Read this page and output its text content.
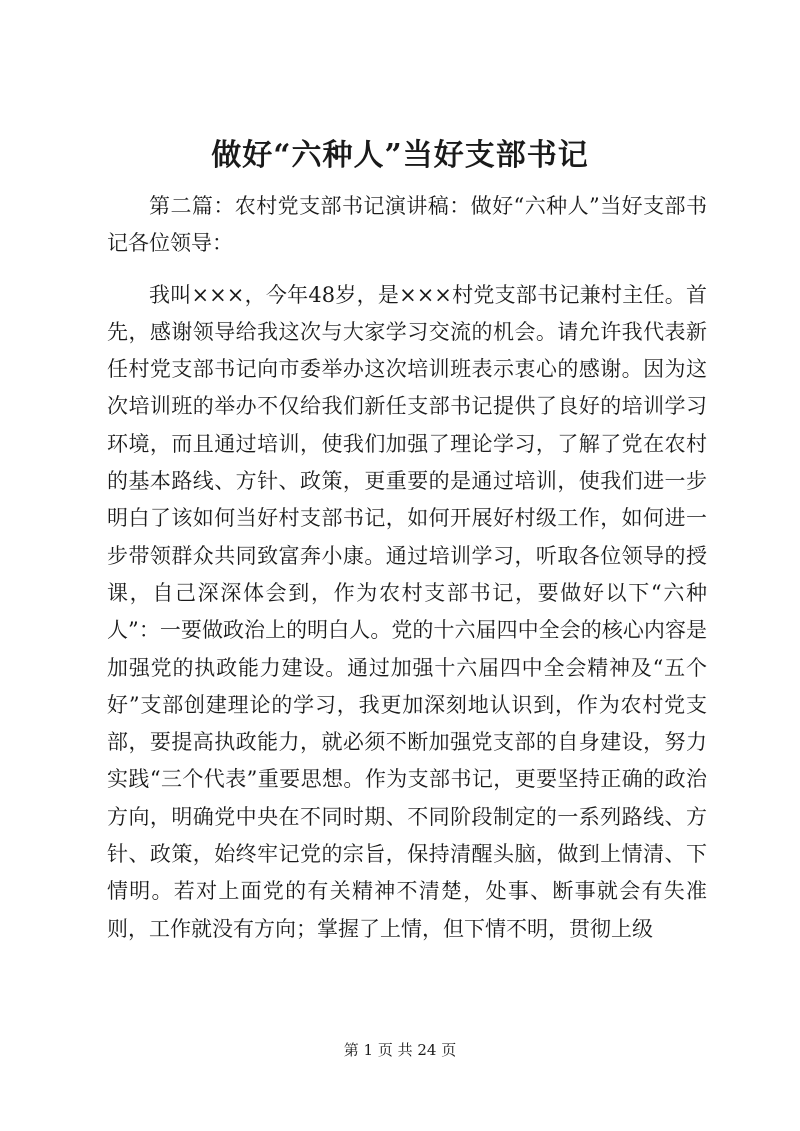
做好“六种人”当好支部书记

第二篇：农村党支部书记演讲稿：做好“六种人”当好支部书记各位领导：

我叫×××，今年48岁，是×××村党支部书记兼村主任。首先，感谢领导给我这次与大家学习交流的机会。请允许我代表新任村党支部书记向市委举办这次培训班表示衷心的感谢。因为这次培训班的举办不仅给我们新任支部书记提供了良好的培训学习环境，而且通过培训，使我们加强了理论学习，了解了党在农村的基本路线、方针、政策，更重要的是通过培训，使我们进一步明白了该如何当好村支部书记，如何开展好村级工作，如何进一步带领群众共同致富奔小康。通过培训学习，听取各位领导的授课，自己深深体会到，作为农村支部书记，要做好以下“六种人”：一要做政治上的明白人。党的十六届四中全会的核心内容是加强党的执政能力建设。通过加强十六届四中全会精神及“五个好”支部创建理论的学习，我更加深刻地认识到，作为农村党支部，要提高执政能力，就必须不断加强党支部的自身建设，努力实践“三个代表”重要思想。作为支部书记，更要坚持正确的政治方向，明确党中央在不同时期、不同阶段制定的一系列路线、方针、政策，始终牢记党的宗旨，保持清醒头脑，做到上情清、下情明。若对上面党的有关精神不清楚，处事、断事就会有失准则，工作就没有方向；掌握了上情，但下情不明，贯彻上级

第 1 页 共 24 页
